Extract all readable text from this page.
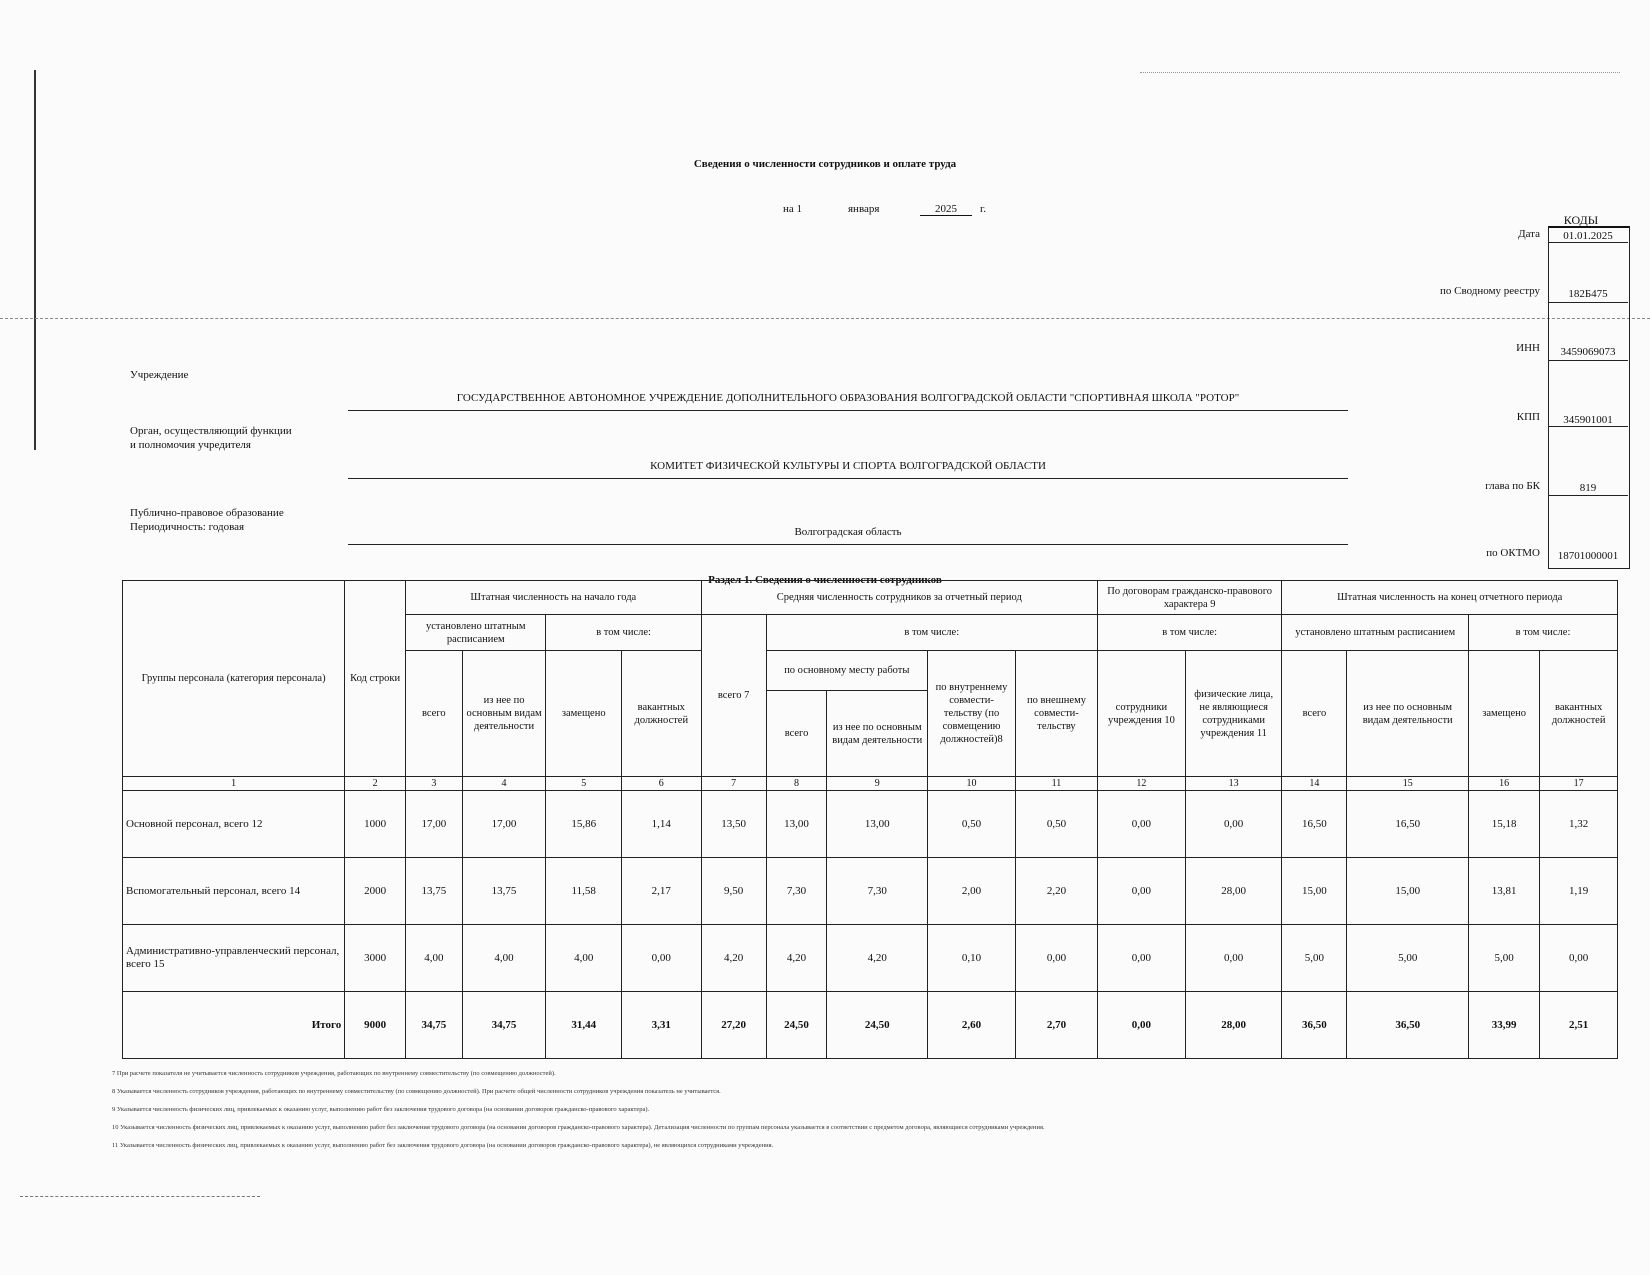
Сведения о численности сотрудников и оплате труда
на 1	января	2025	г.
КОДЫ
Дата	01.01.2025
по Сводному реестру	182Б475
ИНН	3459069073
КПП	345901001
глава по БК	819
по ОКТМО	18701000001
Учреждение
ГОСУДАРСТВЕННОЕ АВТОНОМНОЕ УЧРЕЖДЕНИЕ ДОПОЛНИТЕЛЬНОГО ОБРАЗОВАНИЯ ВОЛГОГРАДСКОЙ ОБЛАСТИ "СПОРТИВНАЯ ШКОЛА "РОТОР"
Орган, осуществляющий функции
и полномочия учредителя
КОМИТЕТ ФИЗИЧЕСКОЙ КУЛЬТУРЫ И СПОРТА ВОЛГОГРАДСКОЙ ОБЛАСТИ
Публично-правовое образование
Периодичность: годовая	Волгоградская область
Раздел 1. Сведения о численности сотрудников
Группы персонала (категория персонала)	Код строки	Штатная численность на начало года				Средняя численность сотрудников за отчетный период					По договорам гражданско-правового характера 9		Штатная численность на конец отчетного периода			
		установлено штатным расписанием		в том числе:		всего 7	в том числе:				в том числе:		установлено штатным расписанием		в том числе:	
		всего	из нее по основным видам деятельности	замещено	вакантных должностей		по основному месту работы		по внутреннему совмести-тельству (по совмещению должностей)8	по внешнему совмести-тельству	сотрудники учреждения 10	физические лица, не являющиеся сотрудниками учреждения 11	всего	из нее по основным видам деятельности	замещено	вакантных должностей
							всего	из нее по основным видам деятельности								
1	2	3	4	5	6	7	8	9	10	11	12	13	14	15	16	17
Основной персонал, всего 12	1000	17,00	17,00	15,86	1,14	13,50	13,00	13,00	0,50	0,50	0,00	0,00	16,50	16,50	15,18	1,32
Вспомогательный персонал, всего 14	2000	13,75	13,75	11,58	2,17	9,50	7,30	7,30	2,00	2,20	0,00	28,00	15,00	15,00	13,81	1,19
Административно-управленческий персонал, всего 15	3000	4,00	4,00	4,00	0,00	4,20	4,20	4,20	0,10	0,00	0,00	0,00	5,00	5,00	5,00	0,00
Итого	9000	34,75	34,75	31,44	3,31	27,20	24,50	24,50	2,60	2,70	0,00	28,00	36,50	36,50	33,99	2,51
7 При расчете показателя не учитывается численность сотрудников учреждения, работающих по внутреннему совместительству (по совмещению должностей).
8 Указывается численность сотрудников учреждения, работающих по внутреннему совместительству (по совмещению должностей). При расчете общей численности сотрудников учреждения показатель не учитывается.
9 Указывается численность физических лиц, привлекаемых к оказанию услуг, выполнению работ без заключения трудового договора (на основании договоров гражданско-правового характера).
10 Указывается численность физических лиц, привлекаемых к оказанию услуг, выполнению работ без заключения трудового договора (на основании договоров гражданско-правового характера). Детализация численности по группам персонала указывается в соответствии с предметом договора, являющиеся сотрудниками учреждения.
11 Указывается численность физических лиц, привлекаемых к оказанию услуг, выполнению работ без заключения трудового договора (на основании договоров гражданско-правового характера), не являющихся сотрудниками учреждения.
